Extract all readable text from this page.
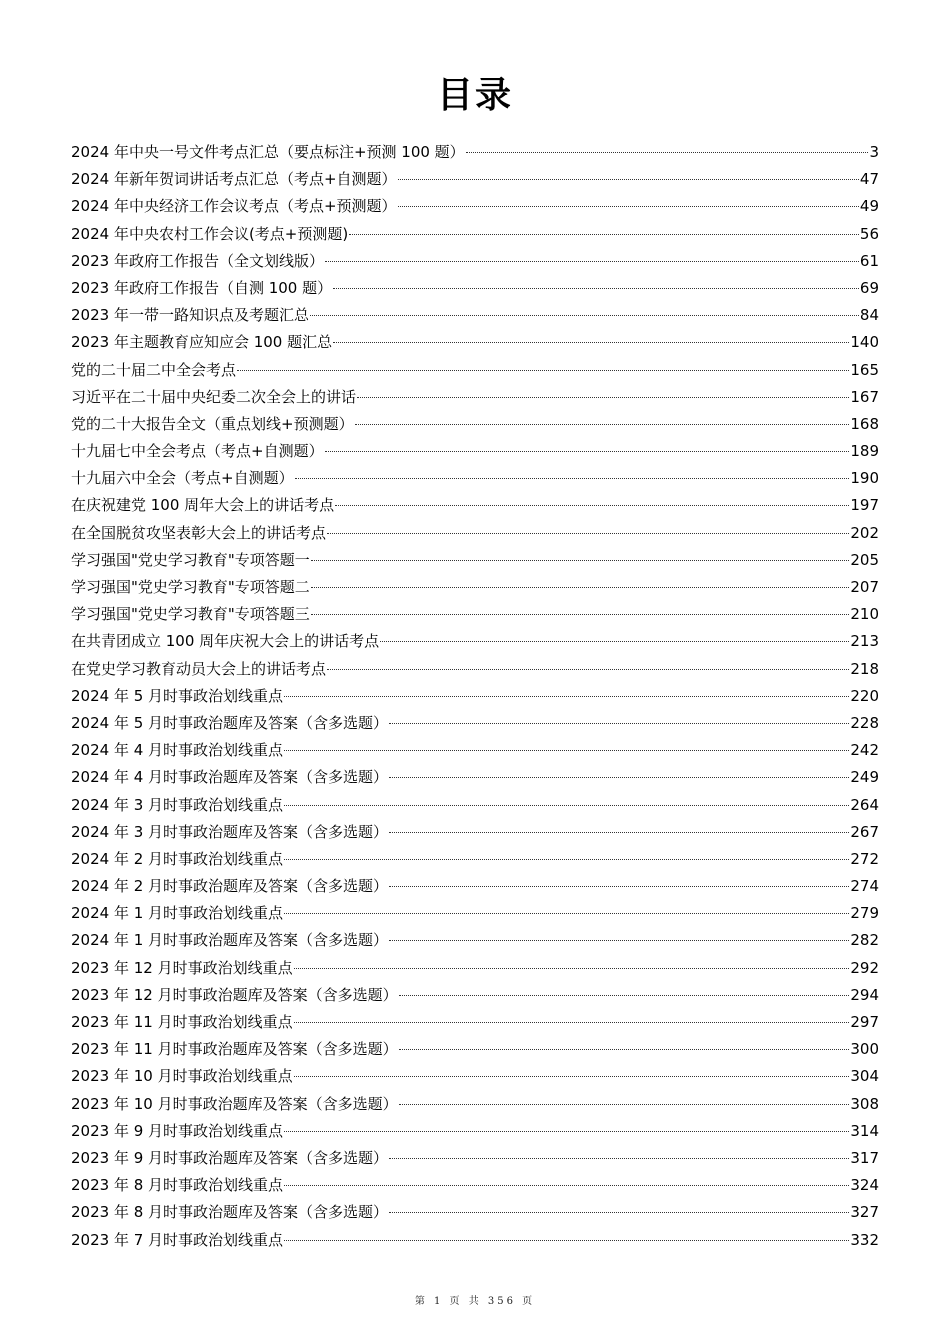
目录
2024 年中央一号文件考点汇总（要点标注+预测 100 题）	3
2024 年新年贺词讲话考点汇总（考点+自测题）	47
2024 年中央经济工作会议考点（考点+预测题）	49
2024 年中央农村工作会议(考点+预测题)	56
2023 年政府工作报告（全文划线版）	61
2023 年政府工作报告（自测 100 题）	69
2023 年一带一路知识点及考题汇总	84
2023 年主题教育应知应会 100 题汇总	140
党的二十届二中全会考点	165
习近平在二十届中央纪委二次全会上的讲话	167
党的二十大报告全文（重点划线+预测题）	168
十九届七中全会考点（考点+自测题）	189
十九届六中全会（考点+自测题）	190
在庆祝建党 100 周年大会上的讲话考点	197
在全国脱贫攻坚表彰大会上的讲话考点	202
学习强国"党史学习教育"专项答题一	205
学习强国"党史学习教育"专项答题二	207
学习强国"党史学习教育"专项答题三	210
在共青团成立 100 周年庆祝大会上的讲话考点	213
在党史学习教育动员大会上的讲话考点	218
2024 年 5 月时事政治划线重点	220
2024 年 5 月时事政治题库及答案（含多选题）	228
2024 年 4 月时事政治划线重点	242
2024 年 4 月时事政治题库及答案（含多选题）	249
2024 年 3 月时事政治划线重点	264
2024 年 3 月时事政治题库及答案（含多选题）	267
2024 年 2 月时事政治划线重点	272
2024 年 2 月时事政治题库及答案（含多选题）	274
2024 年 1 月时事政治划线重点	279
2024 年 1 月时事政治题库及答案（含多选题）	282
2023 年 12 月时事政治划线重点	292
2023 年 12 月时事政治题库及答案（含多选题）	294
2023 年 11 月时事政治划线重点	297
2023 年 11 月时事政治题库及答案（含多选题）	300
2023 年 10 月时事政治划线重点	304
2023 年 10 月时事政治题库及答案（含多选题）	308
2023 年 9 月时事政治划线重点	314
2023 年 9 月时事政治题库及答案（含多选题）	317
2023 年 8 月时事政治划线重点	324
2023 年 8 月时事政治题库及答案（含多选题）	327
2023 年 7 月时事政治划线重点	332
第 1 页 共 356 页
